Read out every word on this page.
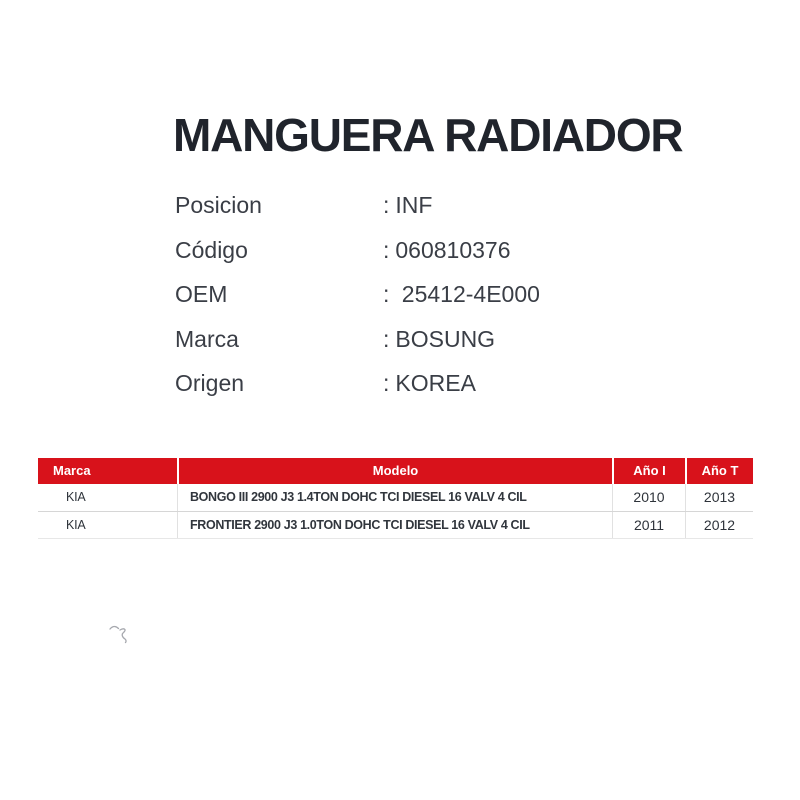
MANGUERA RADIADOR
Posicion	: INF
Código	: 060810376
OEM	: 25412-4E000
Marca	: BOSUNG
Origen	: KOREA
Marca	Modelo	Año I	Año T
KIA	BONGO III 2900 J3 1.4TON DOHC TCI DIESEL 16 VALV 4 CIL	2010	2013
KIA	FRONTIER 2900 J3 1.0TON DOHC TCI DIESEL 16 VALV 4 CIL	2011	2012
